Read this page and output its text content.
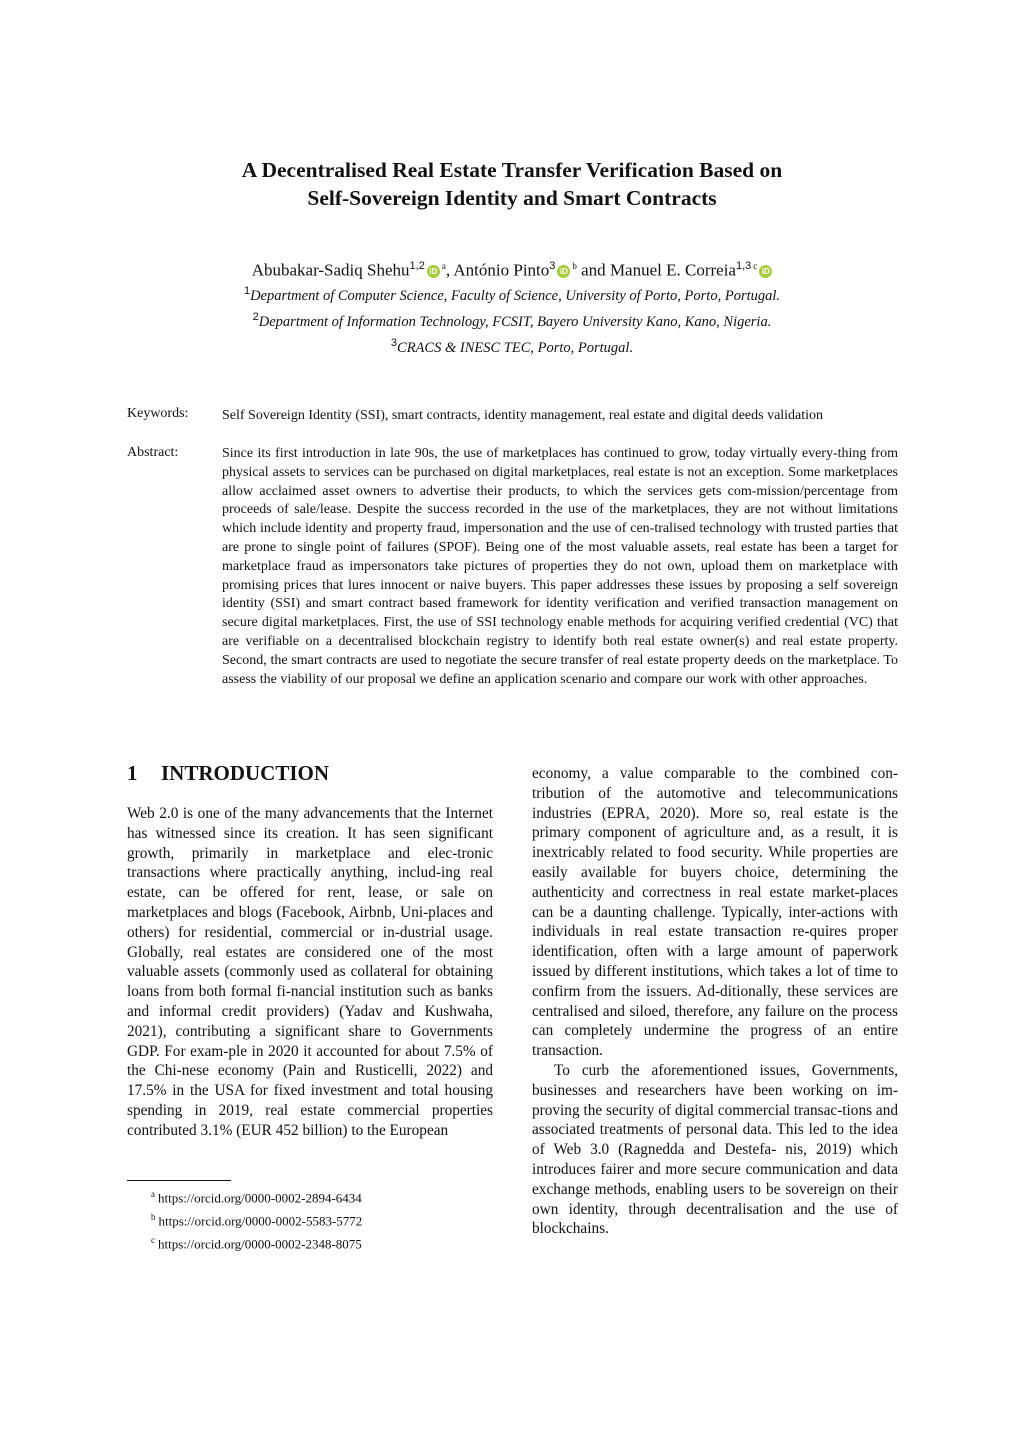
A Decentralised Real Estate Transfer Verification Based on
Self-Sovereign Identity and Smart Contracts
Abubakar-Sadiq Shehu$^{1,2}$ iD$^a$, António Pinto$^3$ iD$^b$ and Manuel E. Correia$^{1,3}$ $^c$iD
$^1$Department of Computer Science, Faculty of Science, University of Porto, Porto, Portugal.
$^2$Department of Information Technology, FCSIT, Bayero University Kano, Kano, Nigeria.
$^3$CRACS & INESC TEC, Porto, Portugal.
Keywords: Self Sovereign Identity (SSI), smart contracts, identity management, real estate and digital deeds validation
Abstract:	Since its first introduction in late 90s, the use of marketplaces has continued to grow, today virtually every-thing from physical assets to services can be purchased on digital marketplaces, real estate is not an exception. Some marketplaces allow acclaimed asset owners to advertise their products, to which the services gets com-mission/percentage from proceeds of sale/lease. Despite the success recorded in the use of the marketplaces, they are not without limitations which include identity and property fraud, impersonation and the use of cen-tralised technology with trusted parties that are prone to single point of failures (SPOF). Being one of the most valuable assets, real estate has been a target for marketplace fraud as impersonators take pictures of properties they do not own, upload them on marketplace with promising prices that lures innocent or naive buyers. This paper addresses these issues by proposing a self sovereign identity (SSI) and smart contract based framework for identity verification and verified transaction management on secure digital marketplaces. First, the use of SSI technology enable methods for acquiring verified credential (VC) that are verifiable on a decentralised blockchain registry to identify both real estate owner(s) and real estate property. Second, the smart contracts are used to negotiate the secure transfer of real estate property deeds on the marketplace. To assess the viability of our proposal we define an application scenario and compare our work with other approaches.

1 INTRODUCTION

Web 2.0 is one of the many advancements that the Internet has witnessed since its creation. It has seen significant growth, primarily in marketplace and elec-tronic transactions where practically anything, includ-ing real estate, can be offered for rent, lease, or sale on marketplaces and blogs (Facebook, Airbnb, Uni-places and others) for residential, commercial or in-dustrial usage. Globally, real estates are considered one of the most valuable assets (commonly used as collateral for obtaining loans from both formal fi-nancial institution such as banks and informal credit providers) (Yadav and Kushwaha, 2021), contributing a significant share to Governments GDP. For exam-ple in 2020 it accounted for about 7.5% of the Chi-nese economy (Pain and Rusticelli, 2022) and 17.5% in the USA for fixed investment and total housing spending in 2019, real estate commercial properties contributed 3.1% (EUR 452 billion) to the European

economy, a value comparable to the combined con-tribution of the automotive and telecommunications industries (EPRA, 2020). More so, real estate is the primary component of agriculture and, as a result, it is inextricably related to food security. While properties are easily available for buyers choice, determining the authenticity and correctness in real estate market-places can be a daunting challenge. Typically, inter-actions with individuals in real estate transaction re-quires proper identification, often with a large amount of paperwork issued by different institutions, which takes a lot of time to confirm from the issuers. Ad-ditionally, these services are centralised and siloed, therefore, any failure on the process can completely undermine the progress of an entire transaction.

To curb the aforementioned issues, Governments, businesses and researchers have been working on im-proving the security of digital commercial transac-tions and associated treatments of personal data. This led to the idea of Web 3.0 (Ragnedda and Destefa- nis, 2019) which introduces fairer and more secure communication and data exchange methods, enabling users to be sovereign on their own identity, through decentralisation and the use of blockchains.

$^a$ https://orcid.org/0000-0002-2894-6434
$^b$ https://orcid.org/0000-0002-5583-5772
$^c$ https://orcid.org/0000-0002-2348-8075
